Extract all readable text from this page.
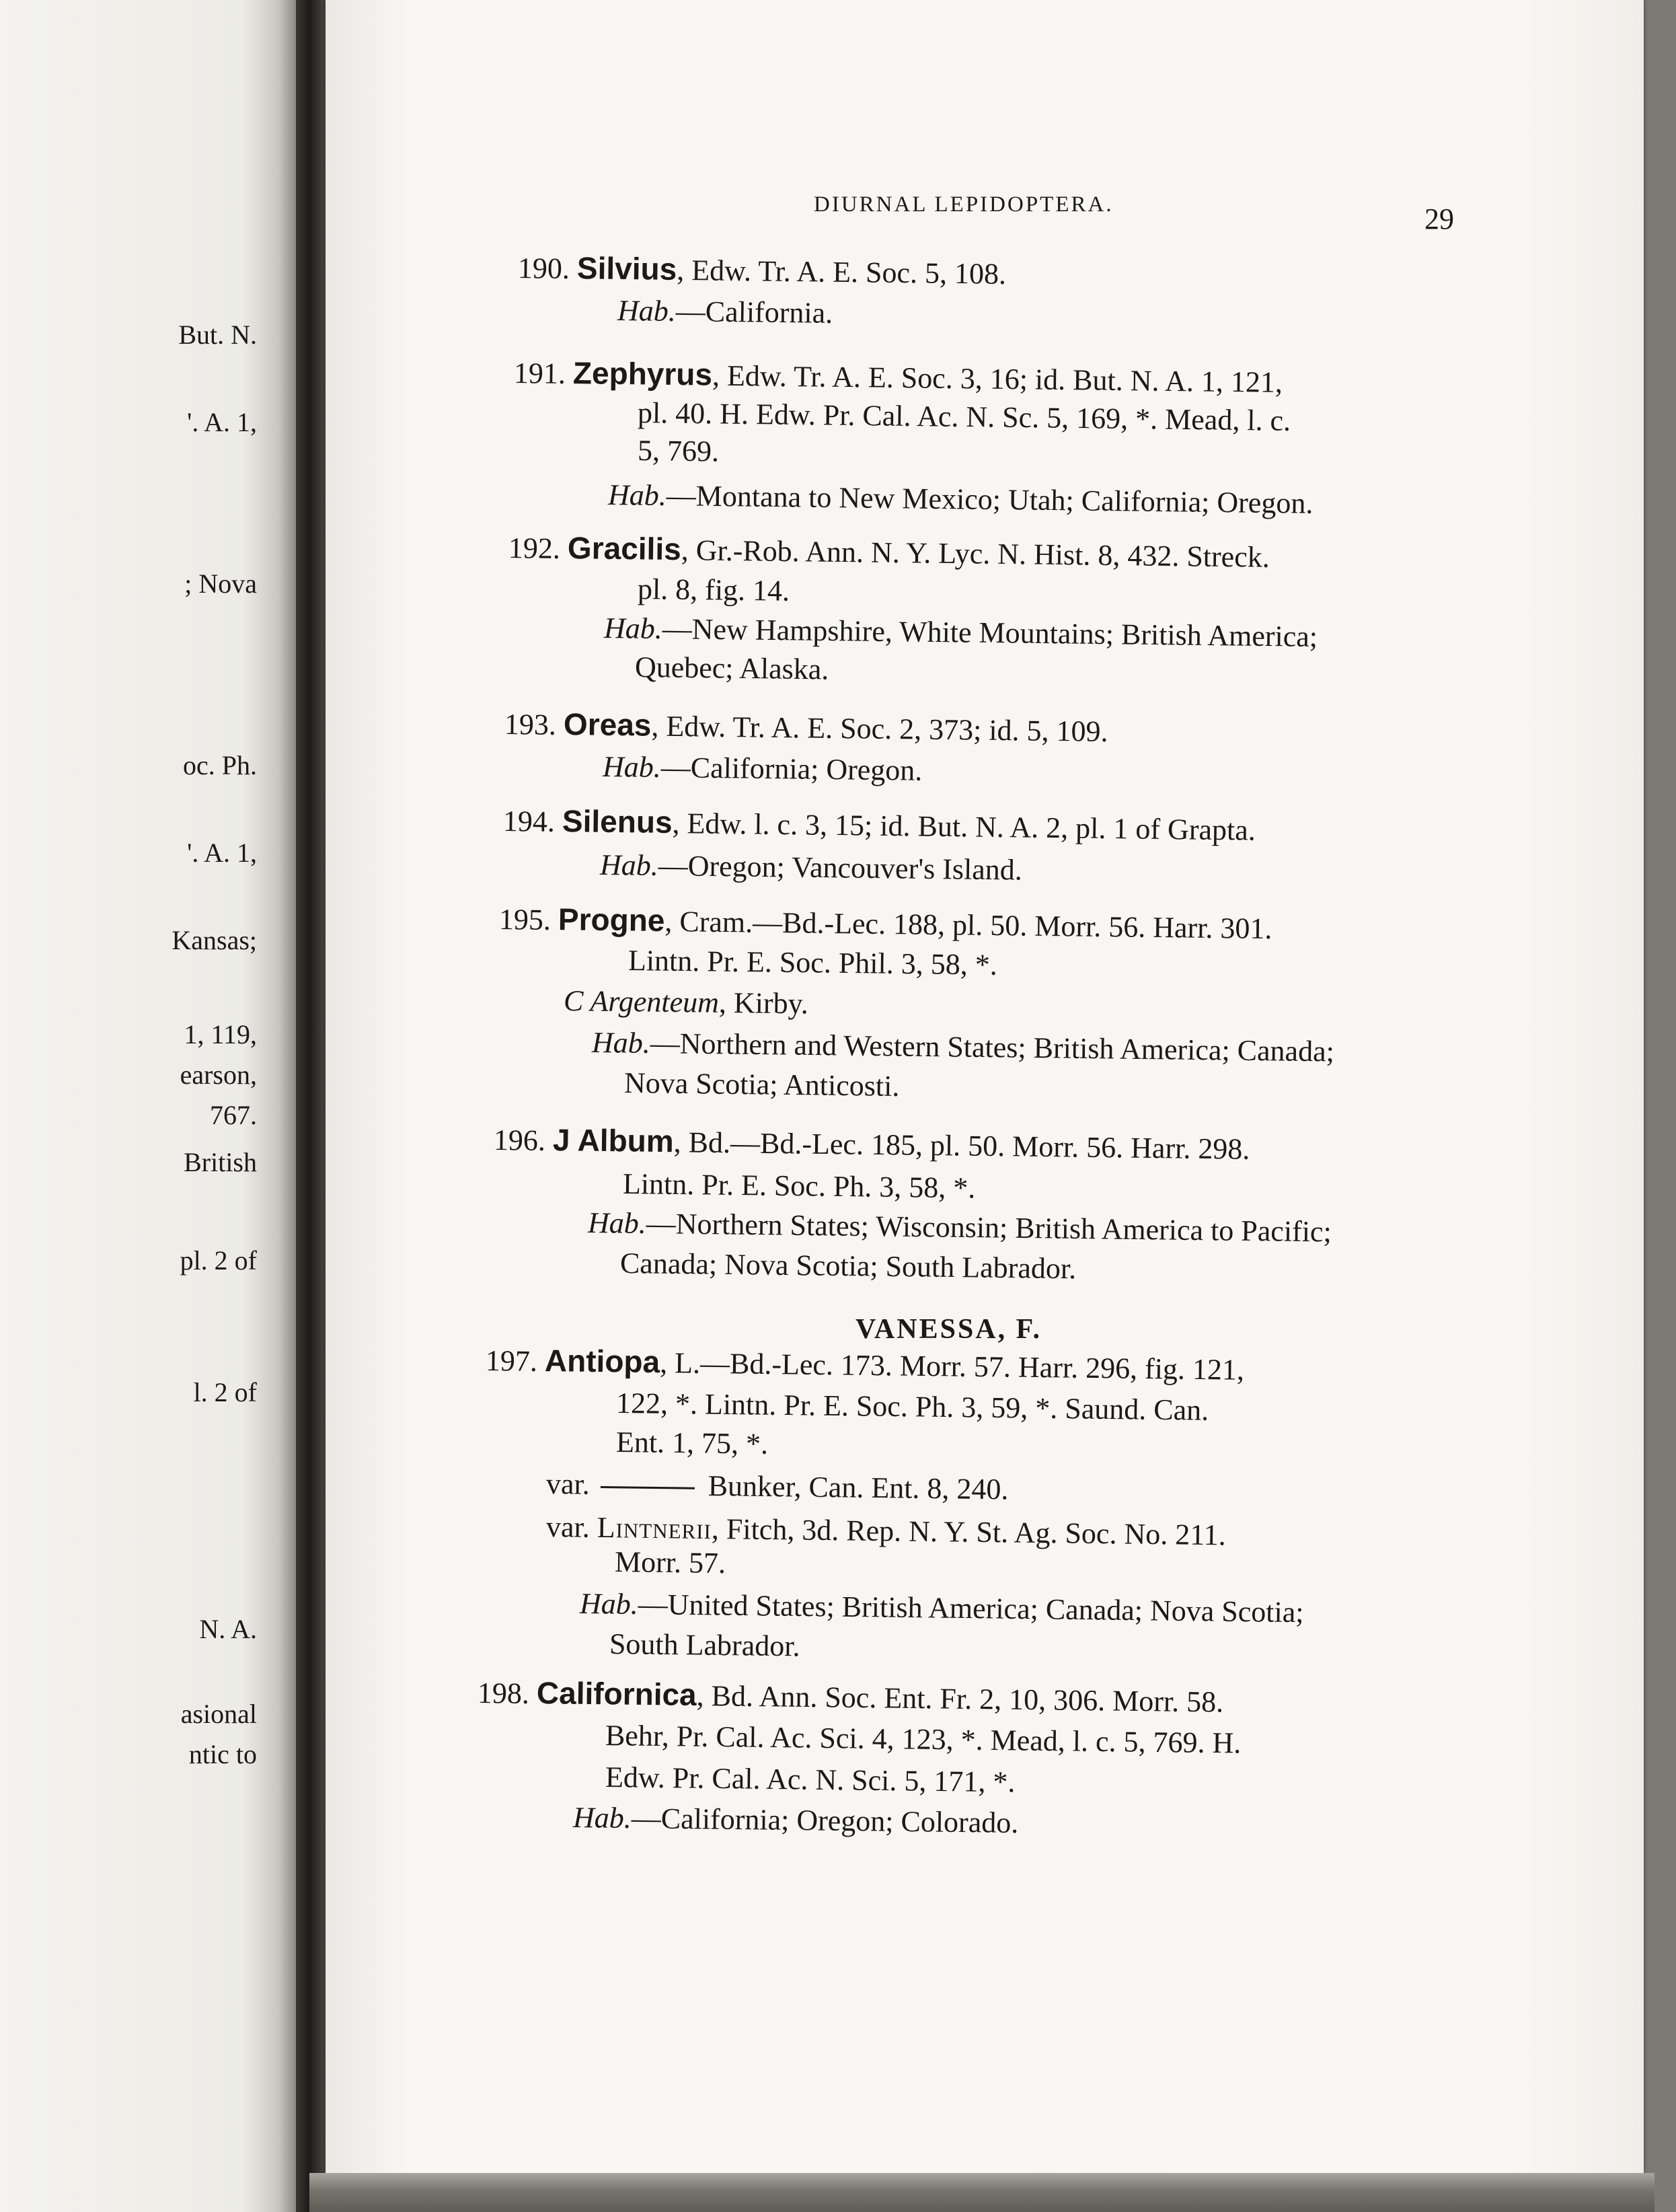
But. N.
'. A. 1,
; Nova
oc. Ph.
'. A. 1,
Kansas;
1, 119,
earson,
767.
British
pl. 2 of
l. 2 of
N. A.
asional
ntic to
DIURNAL LEPIDOPTERA.	29
190. Silvius, Edw. Tr. A. E. Soc. 5, 108.
Hab.—California.
191. Zephyrus, Edw. Tr. A. E. Soc. 3, 16; id. But. N. A. 1, 121,
pl. 40. H. Edw. Pr. Cal. Ac. N. Sc. 5, 169, *. Mead, l. c.
5, 769.
Hab.—Montana to New Mexico; Utah; California; Oregon.
192. Gracilis, Gr.-Rob. Ann. N. Y. Lyc. N. Hist. 8, 432. Streck.
pl. 8, fig. 14.
Hab.—New Hampshire, White Mountains; British America;
Quebec; Alaska.
193. Oreas, Edw. Tr. A. E. Soc. 2, 373; id. 5, 109.
Hab.—California; Oregon.
194. Silenus, Edw. l. c. 3, 15; id. But. N. A. 2, pl. 1 of Grapta.
Hab.—Oregon; Vancouver's Island.
195. Progne, Cram.—Bd.-Lec. 188, pl. 50. Morr. 56. Harr. 301.
Lintn. Pr. E. Soc. Phil. 3, 58, *.
C Argenteum, Kirby.
Hab.—Northern and Western States; British America; Canada;
Nova Scotia; Anticosti.
196. J Album, Bd.—Bd.-Lec. 185, pl. 50. Morr. 56. Harr. 298.
Lintn. Pr. E. Soc. Ph. 3, 58, *.
Hab.—Northern States; Wisconsin; British America to Pacific;
Canada; Nova Scotia; South Labrador.
VANESSA, F.
197. Antiopa, L.—Bd.-Lec. 173. Morr. 57. Harr. 296, fig. 121,
122, *. Lintn. Pr. E. Soc. Ph. 3, 59, *. Saund. Can.
Ent. 1, 75, *.
var.	Bunker, Can. Ent. 8, 240.
var. Lintnerii, Fitch, 3d. Rep. N. Y. St. Ag. Soc. No. 211.
Morr. 57.
Hab.—United States; British America; Canada; Nova Scotia;
South Labrador.
198. Californica, Bd. Ann. Soc. Ent. Fr. 2, 10, 306. Morr. 58.
Behr, Pr. Cal. Ac. Sci. 4, 123, *. Mead, l. c. 5, 769. H.
Edw. Pr. Cal. Ac. N. Sci. 5, 171, *.
Hab.—California; Oregon; Colorado.
